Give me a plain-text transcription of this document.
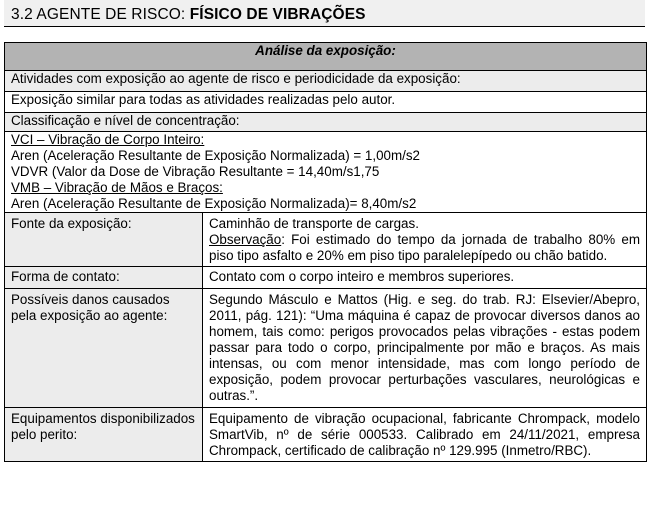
3.2 AGENTE DE RISCO: FÍSICO DE VIBRAÇÕES
Análise da exposição:	
Atividades com exposição ao agente de risco e periodicidade da exposição:	
Exposição similar para todas as atividades realizadas pelo autor.	
Classificação e nível de concentração:	

VCI – Vibração de Corpo Inteiro:
Aren (Aceleração Resultante de Exposição Normalizada) = 1,00m/s2
VDVR (Valor da Dose de Vibração Resultante = 14,40m/s1,75
VMB – Vibração de Mãos e Braços:
Aren (Aceleração Resultante de Exposição Normalizada)= 8,40m/s2	

Fonte da exposição:	Caminhão de transporte de cargas.
Observação: Foi estimado do tempo da jornada de trabalho 80% em piso tipo asfalto e 20% em piso tipo paralelepípedo ou chão batido.

Forma de contato:	Contato com o corpo inteiro e membros superiores.
Possíveis danos causados pela exposição ao agente:	Segundo Másculo e Mattos (Hig. e seg. do trab. RJ: Elsevier/Abepro, 2011, pág. 121): “Uma máquina é capaz de provocar diversos danos ao homem, tais como: perigos provocados pelas vibrações - estas podem passar para todo o corpo, principalmente por mão e braços. As mais intensas, ou com menor intensidade, mas com longo período de exposição, podem provocar perturbações vasculares, neurológicas e outras.”.
Equipamentos disponibilizados pelo perito:	Equipamento de vibração ocupacional, fabricante Chrompack, modelo SmartVib, nº de série 000533. Calibrado em 24/11/2021, empresa Chrompack, certificado de calibração nº 129.995 (Inmetro/RBC).
